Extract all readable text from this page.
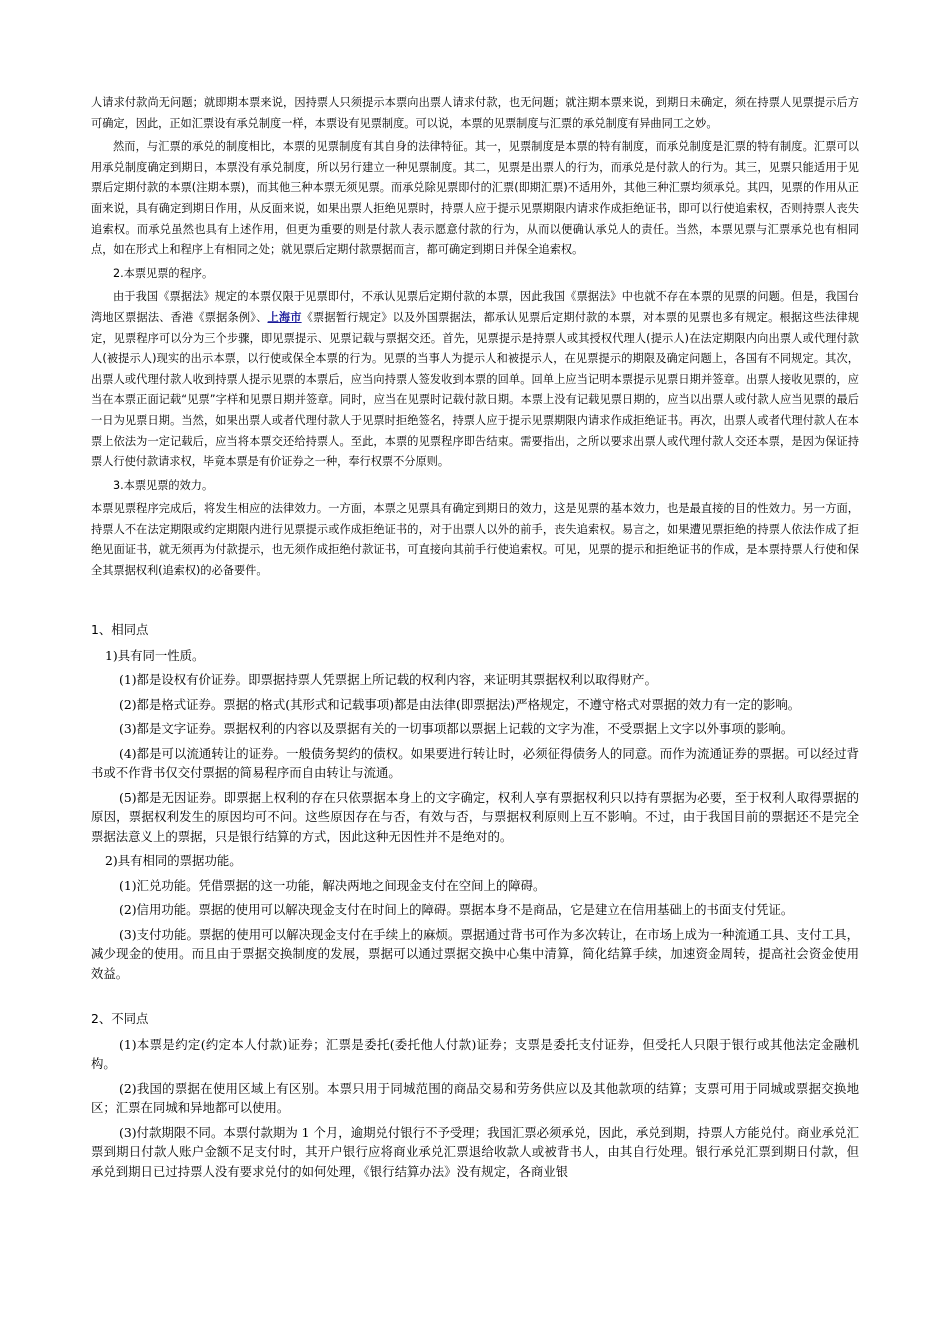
人请求付款尚无问题；就即期本票来说，因持票人只须提示本票向出票人请求付款，也无问题；就注期本票来说，到期日未确定，须在持票人见票提示后方可确定，因此，正如汇票设有承兑制度一样，本票设有见票制度。可以说，本票的见票制度与汇票的承兑制度有异曲同工之妙。

然而，与汇票的承兑的制度相比，本票的见票制度有其自身的法律特征。其一，见票制度是本票的特有制度，而承兑制度是汇票的特有制度。汇票可以用承兑制度确定到期日，本票没有承兑制度，所以另行建立一种见票制度。其二，见票是出票人的行为，而承兑是付款人的行为。其三，见票只能适用于见票后定期付款的本票(注期本票)，而其他三种本票无须见票。而承兑除见票即付的汇票(即期汇票)不适用外，其他三种汇票均须承兑。其四，见票的作用从正面来说，具有确定到期日作用，从反面来说，如果出票人拒绝见票时，持票人应于提示见票期限内请求作成拒绝证书，即可以行使追索权，否则持票人丧失追索权。而承兑虽然也具有上述作用，但更为重要的则是付款人表示愿意付款的行为，从而以便确认承兑人的责任。当然，本票见票与汇票承兑也有相同点，如在形式上和程序上有相同之处；就见票后定期付款票据而言，都可确定到期日并保全追索权。

2.本票见票的程序。

由于我国《票据法》规定的本票仅限于见票即付，不承认见票后定期付款的本票，因此我国《票据法》中也就不存在本票的见票的问题。但是，我国台湾地区票据法、香港《票据条例》、上海市《票据暂行规定》以及外国票据法，都承认见票后定期付款的本票，对本票的见票也多有规定。根据这些法律规定，见票程序可以分为三个步骤，即见票提示、见票记载与票据交还。首先，见票提示是持票人或其授权代理人(提示人)在法定期限内向出票人或代理付款人(被提示人)现实的出示本票，以行使或保全本票的行为。见票的当事人为提示人和被提示人，在见票提示的期限及确定问题上，各国有不同规定。其次，出票人或代理付款人收到持票人提示见票的本票后，应当向持票人签发收到本票的回单。回单上应当记明本票提示见票日期并签章。出票人接收见票的，应当在本票正面记载“见票”字样和见票日期并签章。同时，应当在见票时记载付款日期。本票上没有记载见票日期的，应当以出票人或付款人应当见票的最后一日为见票日期。当然，如果出票人或者代理付款人于见票时拒绝签名，持票人应于提示见票期限内请求作成拒绝证书。再次，出票人或者代理付款人在本票上依法为一定记载后，应当将本票交还给持票人。至此，本票的见票程序即告结束。需要指出，之所以要求出票人或代理付款人交还本票，是因为保证持票人行使付款请求权，毕竟本票是有价证券之一种，奉行权票不分原则。

3.本票见票的效力。

本票见票程序完成后，将发生相应的法律效力。一方面，本票之见票具有确定到期日的效力，这是见票的基本效力，也是最直接的目的性效力。另一方面，持票人不在法定期限或约定期限内进行见票提示或作成拒绝证书的，对于出票人以外的前手，丧失追索权。易言之，如果遭见票拒绝的持票人依法作成了拒绝见面证书，就无须再为付款提示，也无须作成拒绝付款证书，可直接向其前手行使追索权。可见，见票的提示和拒绝证书的作成，是本票持票人行使和保全其票据权利(追索权)的必备要件。

1、相同点

1)具有同一性质。

(1)都是设权有价证券。即票据持票人凭票据上所记载的权利内容，来证明其票据权利以取得财产。

(2)都是格式证券。票据的格式(其形式和记载事项)都是由法律(即票据法)严格规定，不遵守格式对票据的效力有一定的影响。

(3)都是文字证券。票据权利的内容以及票据有关的一切事项都以票据上记载的文字为准，不受票据上文字以外事项的影响。

(4)都是可以流通转让的证券。一般债务契约的债权。如果要进行转让时，必须征得债务人的同意。而作为流通证券的票据。可以经过背书或不作背书仅交付票据的简易程序而自由转让与流通。

(5)都是无因证券。即票据上权利的存在只依票据本身上的文字确定，权利人享有票据权利只以持有票据为必要，至于权利人取得票据的原因，票据权利发生的原因均可不问。这些原因存在与否，有效与否，与票据权利原则上互不影响。不过，由于我国目前的票据还不是完全票据法意义上的票据，只是银行结算的方式，因此这种无因性并不是绝对的。

2)具有相同的票据功能。

(1)汇兑功能。凭借票据的这一功能，解决两地之间现金支付在空间上的障碍。

(2)信用功能。票据的使用可以解决现金支付在时间上的障碍。票据本身不是商品，它是建立在信用基础上的书面支付凭证。

(3)支付功能。票据的使用可以解决现金支付在手续上的麻烦。票据通过背书可作为多次转让，在市场上成为一种流通工具、支付工具，减少现金的使用。而且由于票据交换制度的发展，票据可以通过票据交换中心集中清算，简化结算手续，加速资金周转，提高社会资金使用效益。

2、不同点

(1)本票是约定(约定本人付款)证券；汇票是委托(委托他人付款)证券；支票是委托支付证券，但受托人只限于银行或其他法定金融机构。

(2)我国的票据在使用区域上有区别。本票只用于同城范围的商品交易和劳务供应以及其他款项的结算；支票可用于同城或票据交换地区；汇票在同城和异地都可以使用。

(3)付款期限不同。本票付款期为 1 个月，逾期兑付银行不予受理；我国汇票必须承兑，因此，承兑到期，持票人方能兑付。商业承兑汇票到期日付款人账户金额不足支付时，其开户银行应将商业承兑汇票退给收款人或被背书人，由其自行处理。银行承兑汇票到期日付款，但承兑到期日已过持票人没有要求兑付的如何处理，《银行结算办法》没有规定，各商业银
